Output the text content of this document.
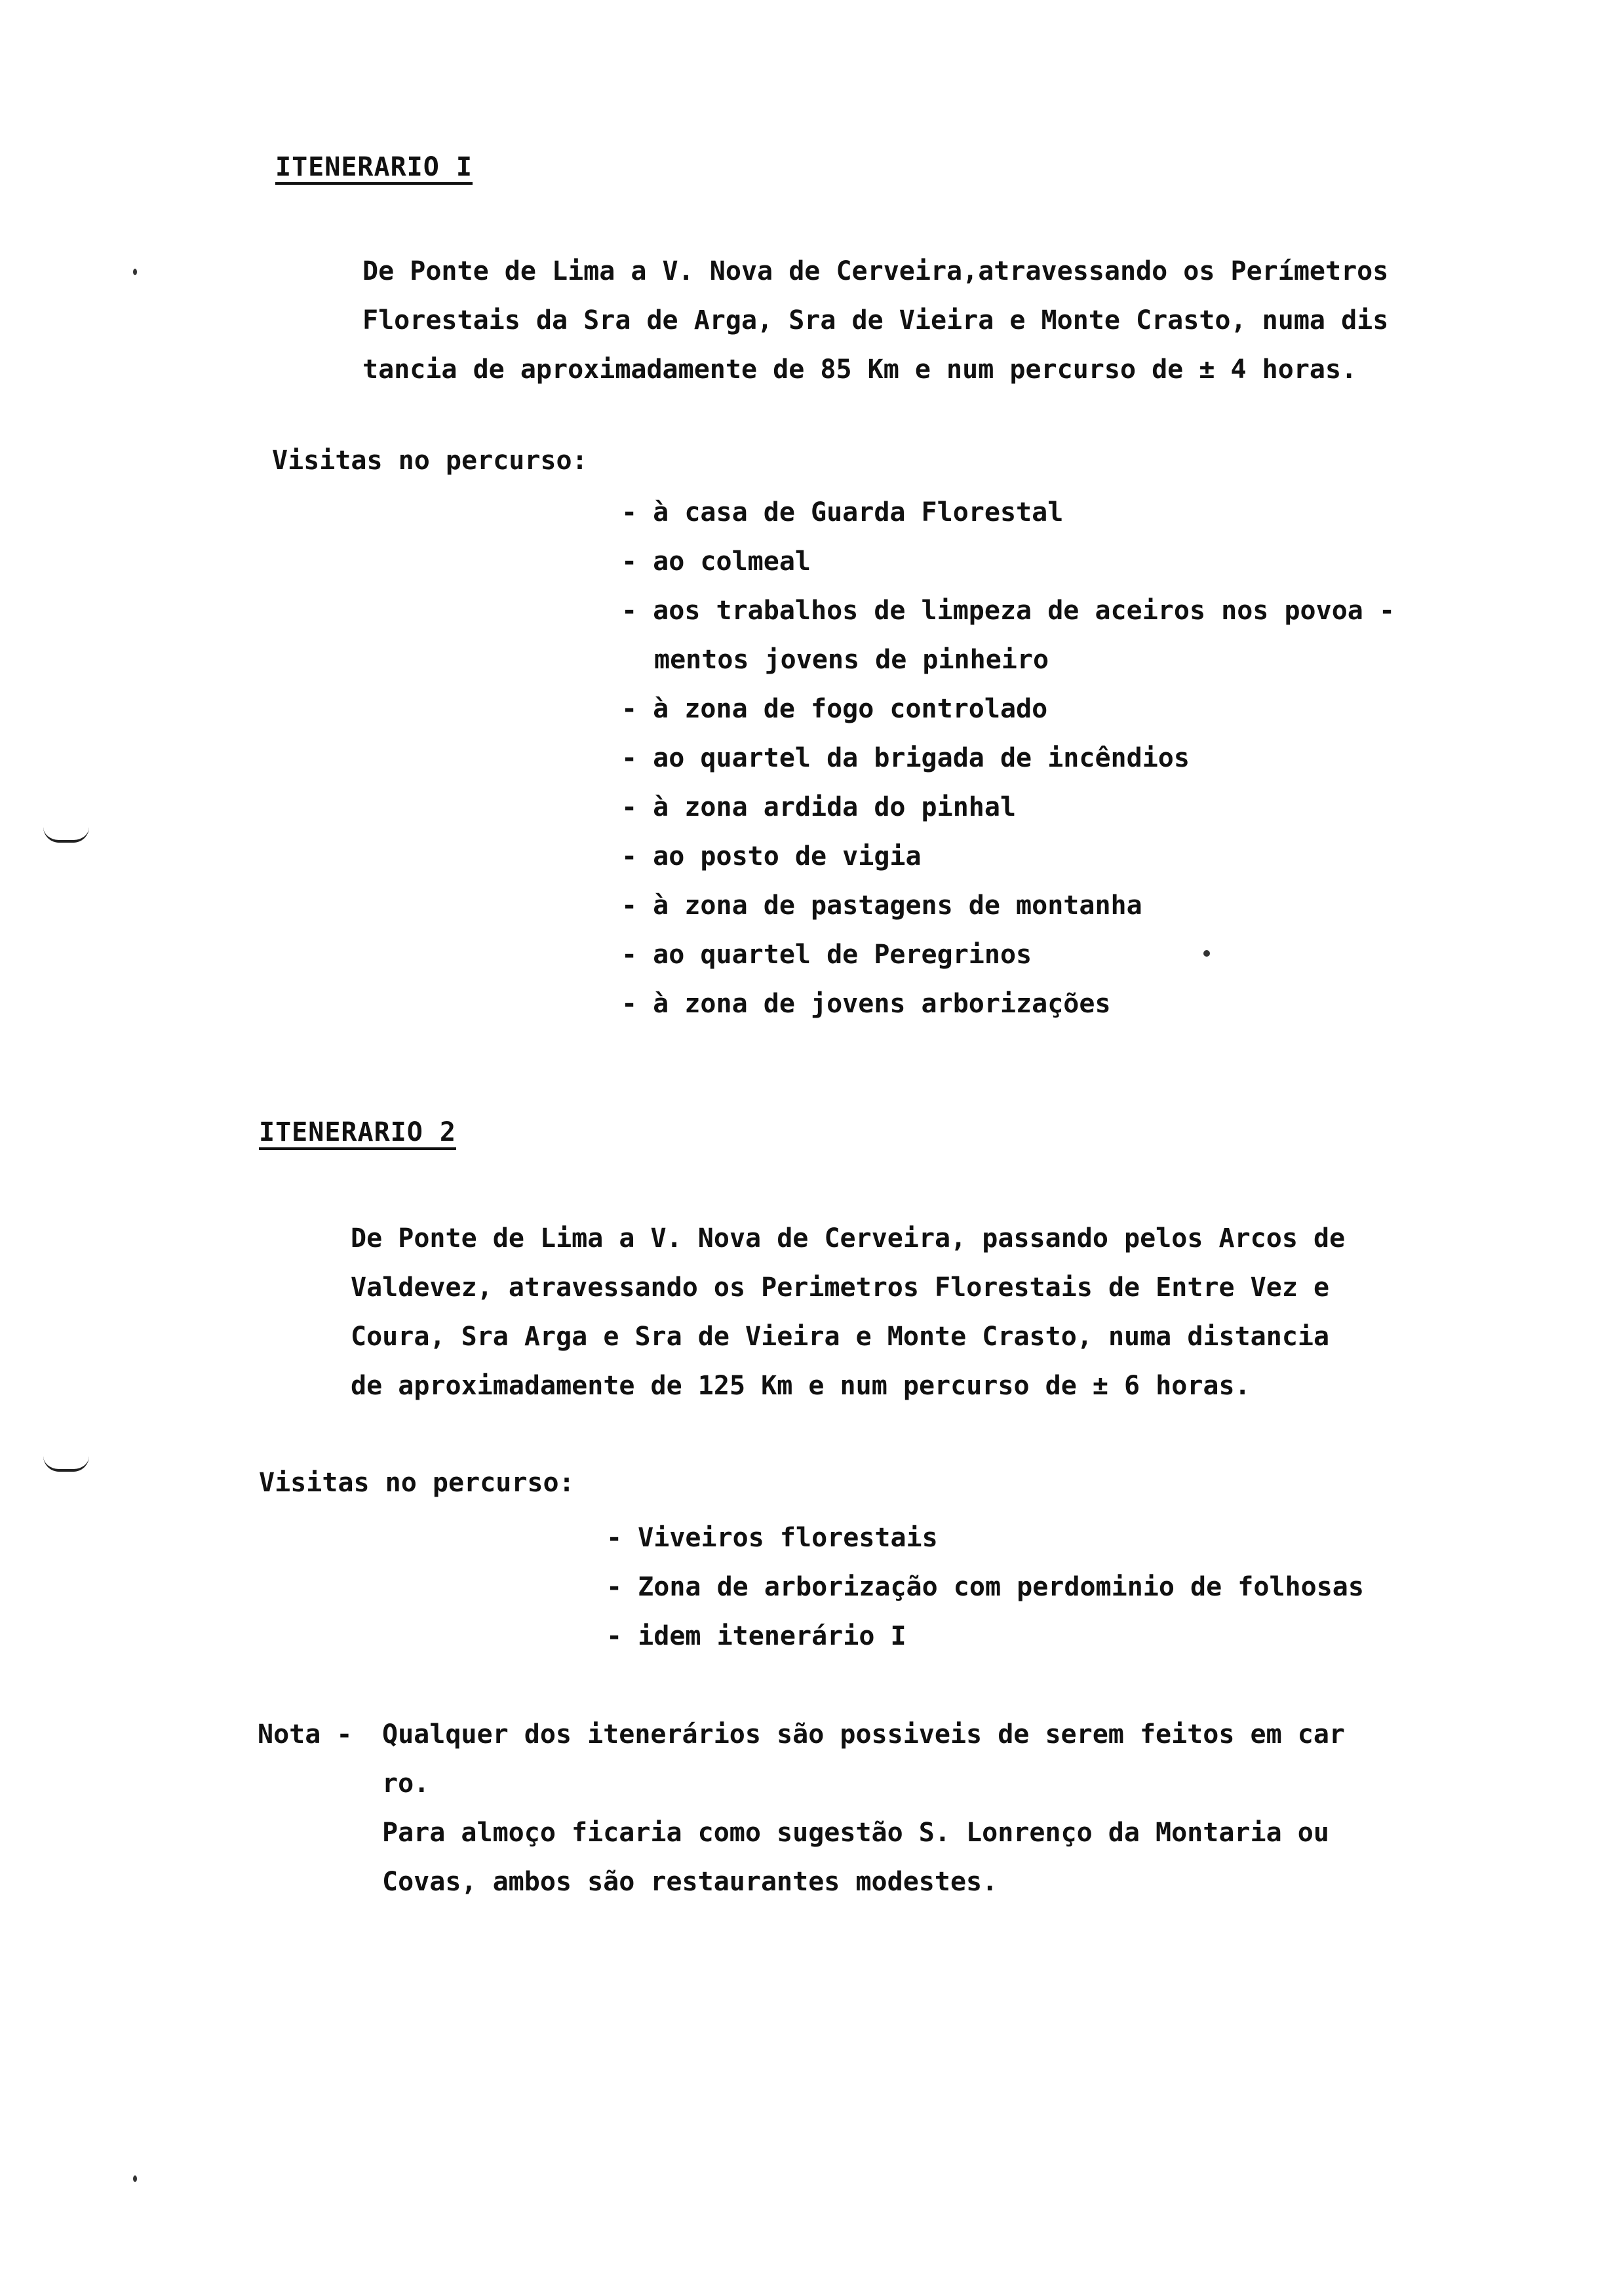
ITENERARIO I
De Ponte de Lima a V. Nova de Cerveira,atravessando os Perímetros
Florestais da Sra de Arga, Sra de Vieira e Monte Crasto, numa dis
tancia de aproximadamente de 85 Km e num percurso de ± 4 horas.

Visitas no percurso:

- à casa de Guarda Florestal
- ao colmeal
- aos trabalhos de limpeza de aceiros nos povoa -
mentos jovens de pinheiro
- à zona de fogo controlado
- ao quartel da brigada de incêndios
- à zona ardida do pinhal
- ao posto de vigia
- à zona de pastagens de montanha
- ao quartel de Peregrinos
- à zona de jovens arborizações
ITENERARIO 2
De Ponte de Lima a V. Nova de Cerveira, passando pelos Arcos de
Valdevez, atravessando os Perimetros Florestais de Entre Vez e
Coura, Sra Arga e Sra de Vieira e Monte Crasto, numa distancia
de aproximadamente de 125 Km e num percurso de ± 6 horas.

Visitas no percurso:

- Viveiros florestais
- Zona de arborização com perdominio de folhosas
- idem itenerário I
Nota - Qualquer dos itenerários são possiveis de serem feitos em car
ro.
Para almoço ficaria como sugestão S. Lonrenço da Montaria ou
Covas, ambos são restaurantes modestes.
